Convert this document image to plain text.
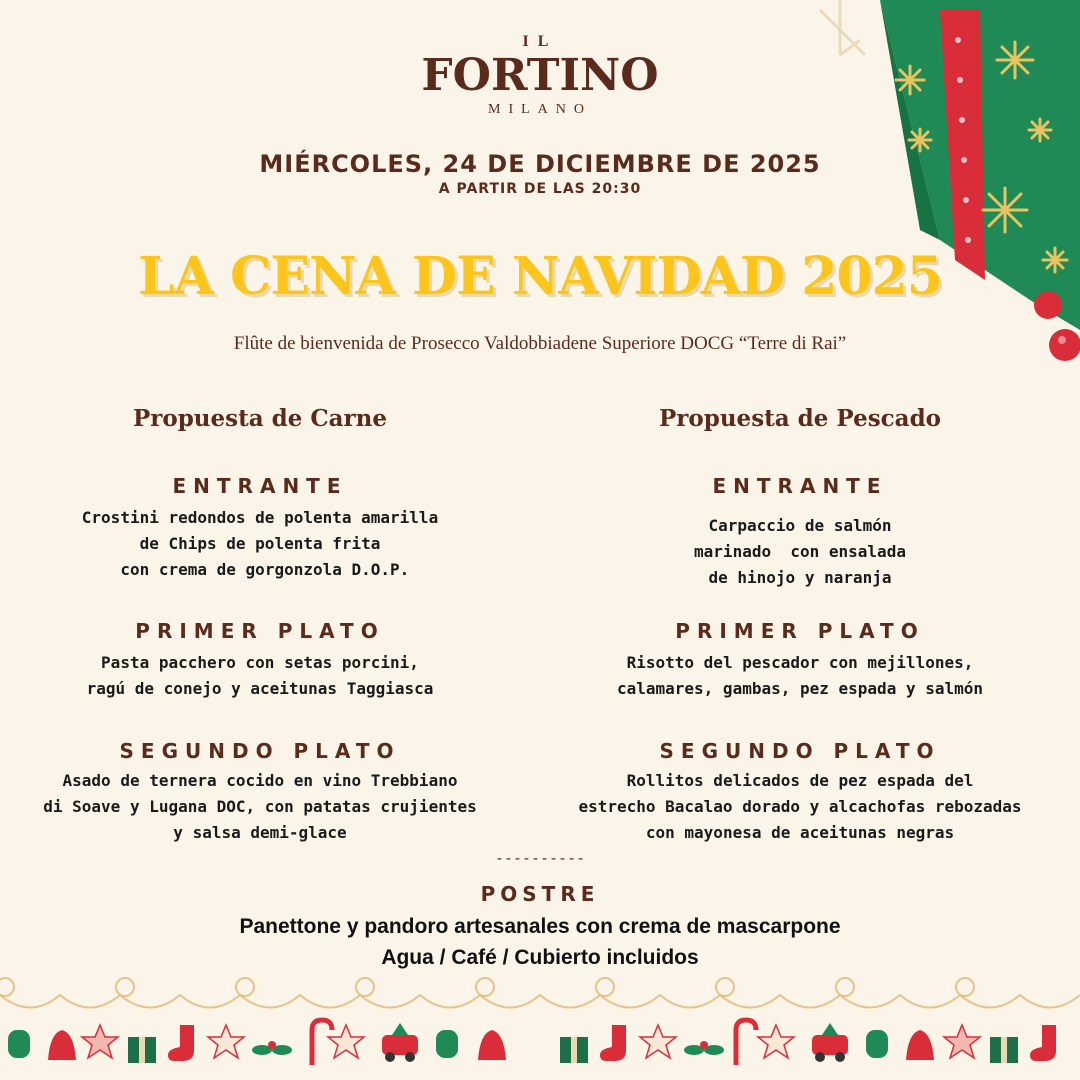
IL
FORTINO
MILANO
MIÉRCOLES, 24 DE DICIEMBRE DE 2025
A PARTIR DE LAS 20:30
LA CENA DE NAVIDAD 2025
Flûte de bienvenida de Prosecco Valdobbiadene Superiore DOCG “Terre di Rai”
Propuesta de Carne
ENTRANTE
Crostini redondos de polenta amarilla
de Chips de polenta frita
con crema de gorgonzola D.O.P.
PRIMER PLATO
Pasta pacchero con setas porcini,
ragú de conejo y aceitunas Taggiasca
SEGUNDO PLATO
Asado de ternera cocido en vino Trebbiano
di Soave y Lugana DOC, con patatas crujientes
y salsa demi-glace
Propuesta de Pescado
ENTRANTE
Carpaccio de salmón
marinado  con ensalada
de hinojo y naranja
PRIMER PLATO
Risotto del pescador con mejillones,
calamares, gambas, pez espada y salmón
SEGUNDO PLATO
Rollitos delicados de pez espada del
estrecho Bacalao dorado y alcachofas rebozadas
con mayonesa de aceitunas negras
----------
POSTRE
Panettone y pandoro artesanales con crema de mascarpone
Agua / Café / Cubierto incluidos
